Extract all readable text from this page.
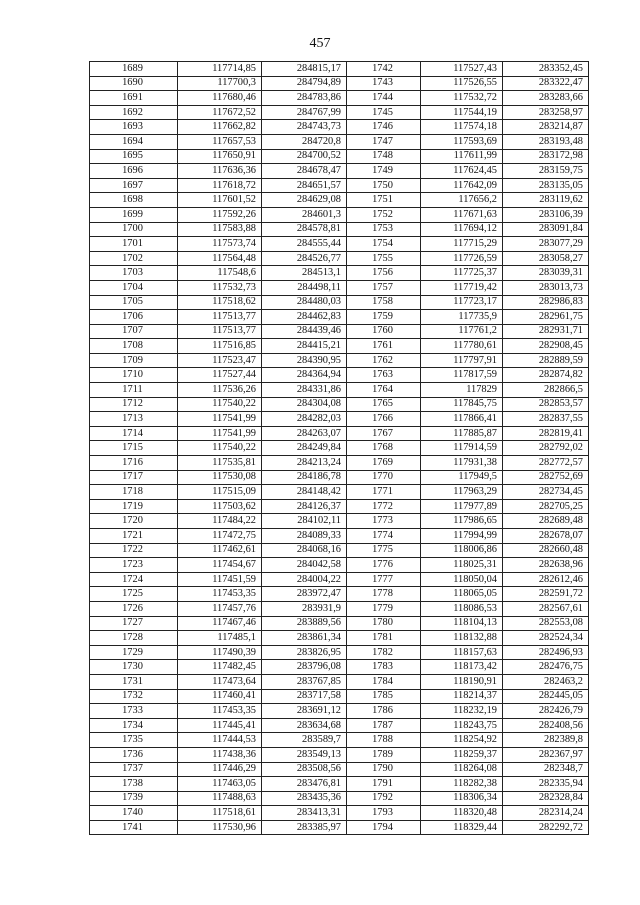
457
1689	117714,85	284815,17	1742	117527,43	283352,45
1690	117700,3	284794,89	1743	117526,55	283322,47
1691	117680,46	284783,86	1744	117532,72	283283,66
1692	117672,52	284767,99	1745	117544,19	283258,97
1693	117662,82	284743,73	1746	117574,18	283214,87
1694	117657,53	284720,8	1747	117593,69	283193,48
1695	117650,91	284700,52	1748	117611,99	283172,98
1696	117636,36	284678,47	1749	117624,45	283159,75
1697	117618,72	284651,57	1750	117642,09	283135,05
1698	117601,52	284629,08	1751	117656,2	283119,62
1699	117592,26	284601,3	1752	117671,63	283106,39
1700	117583,88	284578,81	1753	117694,12	283091,84
1701	117573,74	284555,44	1754	117715,29	283077,29
1702	117564,48	284526,77	1755	117726,59	283058,27
1703	117548,6	284513,1	1756	117725,37	283039,31
1704	117532,73	284498,11	1757	117719,42	283013,73
1705	117518,62	284480,03	1758	117723,17	282986,83
1706	117513,77	284462,83	1759	117735,9	282961,75
1707	117513,77	284439,46	1760	117761,2	282931,71
1708	117516,85	284415,21	1761	117780,61	282908,45
1709	117523,47	284390,95	1762	117797,91	282889,59
1710	117527,44	284364,94	1763	117817,59	282874,82
1711	117536,26	284331,86	1764	117829	282866,5
1712	117540,22	284304,08	1765	117845,75	282853,57
1713	117541,99	284282,03	1766	117866,41	282837,55
1714	117541,99	284263,07	1767	117885,87	282819,41
1715	117540,22	284249,84	1768	117914,59	282792,02
1716	117535,81	284213,24	1769	117931,38	282772,57
1717	117530,08	284186,78	1770	117949,5	282752,69
1718	117515,09	284148,42	1771	117963,29	282734,45
1719	117503,62	284126,37	1772	117977,89	282705,25
1720	117484,22	284102,11	1773	117986,65	282689,48
1721	117472,75	284089,33	1774	117994,99	282678,07
1722	117462,61	284068,16	1775	118006,86	282660,48
1723	117454,67	284042,58	1776	118025,31	282638,96
1724	117451,59	284004,22	1777	118050,04	282612,46
1725	117453,35	283972,47	1778	118065,05	282591,72
1726	117457,76	283931,9	1779	118086,53	282567,61
1727	117467,46	283889,56	1780	118104,13	282553,08
1728	117485,1	283861,34	1781	118132,88	282524,34
1729	117490,39	283826,95	1782	118157,63	282496,93
1730	117482,45	283796,08	1783	118173,42	282476,75
1731	117473,64	283767,85	1784	118190,91	282463,2
1732	117460,41	283717,58	1785	118214,37	282445,05
1733	117453,35	283691,12	1786	118232,19	282426,79
1734	117445,41	283634,68	1787	118243,75	282408,56
1735	117444,53	283589,7	1788	118254,92	282389,8
1736	117438,36	283549,13	1789	118259,37	282367,97
1737	117446,29	283508,56	1790	118264,08	282348,7
1738	117463,05	283476,81	1791	118282,38	282335,94
1739	117488,63	283435,36	1792	118306,34	282328,84
1740	117518,61	283413,31	1793	118320,48	282314,24
1741	117530,96	283385,97	1794	118329,44	282292,72
